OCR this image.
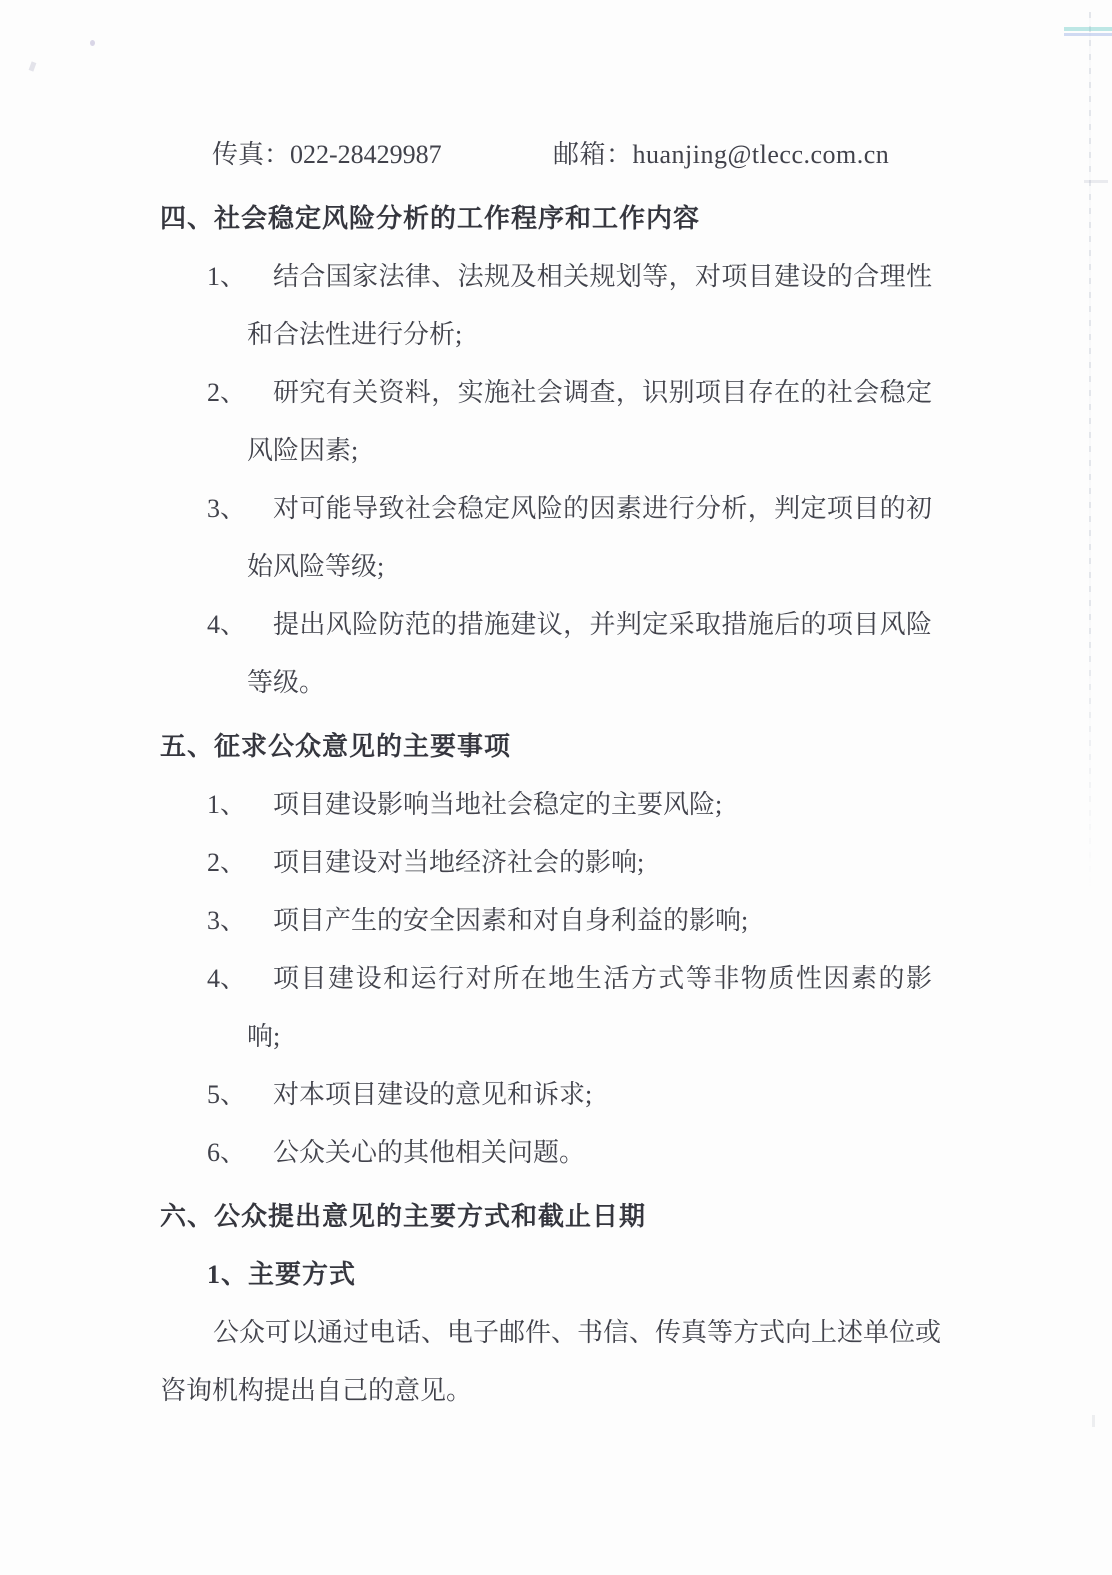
传真：022-28429987	邮箱：huanjing@tlecc.com.cn
四、社会稳定风险分析的工作程序和工作内容
1、	结合国家法律、法规及相关规划等，对项目建设的合理性
和合法性进行分析;
2、	研究有关资料，实施社会调查，识别项目存在的社会稳定
风险因素;
3、	对可能导致社会稳定风险的因素进行分析，判定项目的初
始风险等级;
4、	提出风险防范的措施建议，并判定采取措施后的项目风险
等级。
五、征求公众意见的主要事项
1、	项目建设影响当地社会稳定的主要风险;
2、	项目建设对当地经济社会的影响;
3、	项目产生的安全因素和对自身利益的影响;
4、	项目建设和运行对所在地生活方式等非物质性因素的影
响;
5、	对本项目建设的意见和诉求;
6、	公众关心的其他相关问题。
六、公众提出意见的主要方式和截止日期
1、主要方式
公众可以通过电话、电子邮件、书信、传真等方式向上述单位或
咨询机构提出自己的意见。
